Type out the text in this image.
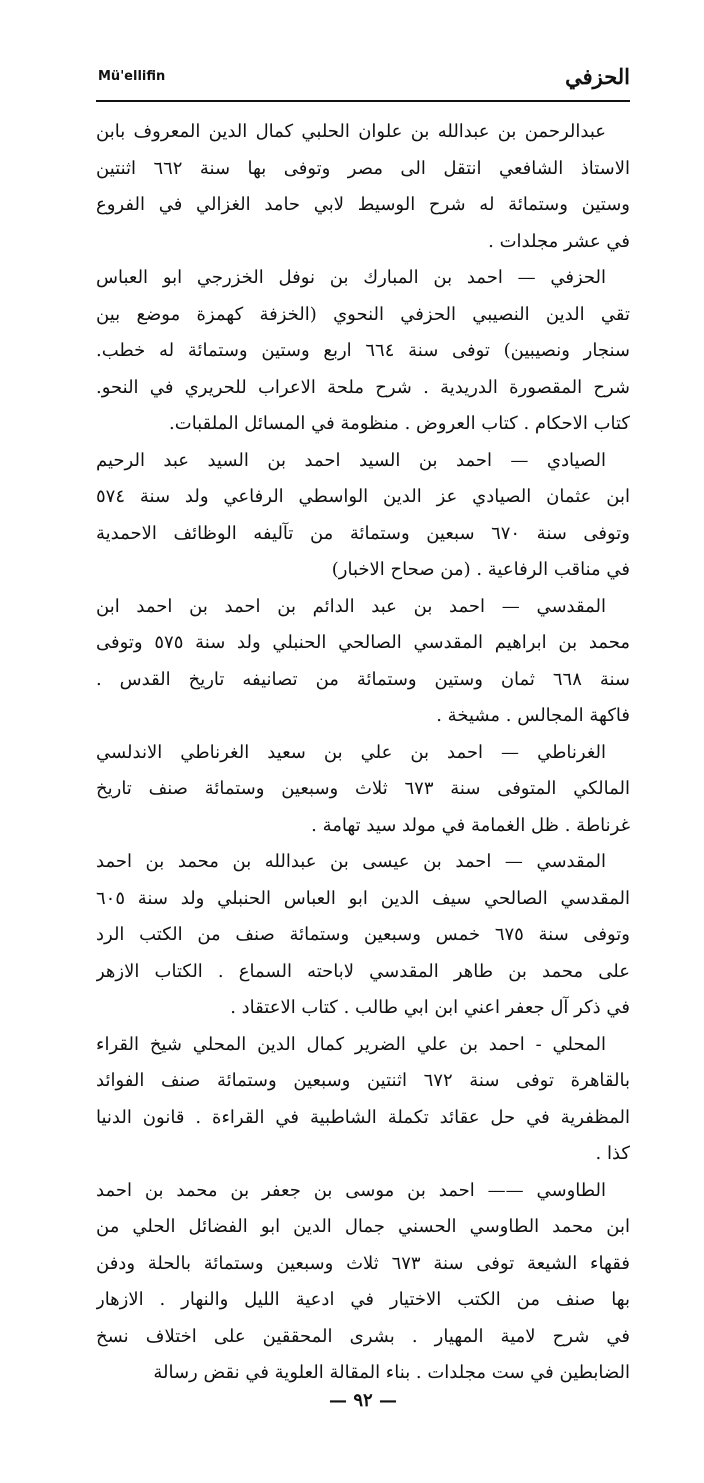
الحزفي
Mü'ellifin
عبدالرحمن بن عبدالله بن علوان الحلبي كمال الدين المعروف بابن
الاستاذ الشافعي انتقل الى مصر وتوفى بها سنة ٦٦٢ اثنتين
وستين وستمائة له شرح الوسيط لابي حامد الغزالي في الفروع
في عشر مجلدات .
الحزفي — احمد بن المبارك بن نوفل الخزرجي ابو العباس
تقي الدين النصيبي الحزفي النحوي (الخزفة كهمزة موضع بين
سنجار ونصيبين) توفى سنة ٦٦٤ اربع وستين وستمائة له خطب.
شرح المقصورة الدريدية . شرح ملحة الاعراب للحريري في النحو.
كتاب الاحكام . كتاب العروض . منظومة في المسائل الملقبات.
الصيادي — احمد بن السيد احمد بن السيد عبد الرحيم
ابن عثمان الصيادي عز الدين الواسطي الرفاعي ولد سنة ٥٧٤
وتوفى سنة ٦٧٠ سبعين وستمائة من تآليفه الوظائف الاحمدية
في مناقب الرفاعية . (من صحاح الاخبار)
المقدسي — احمد بن عبد الدائم بن احمد بن احمد ابن
محمد بن ابراهيم المقدسي الصالحي الحنبلي ولد سنة ٥٧٥ وتوفى
سنة ٦٦٨ ثمان وستين وستمائة من تصانيفه تاريخ القدس .
فاكهة المجالس . مشيخة .
الغرناطي — احمد بن علي بن سعيد الغرناطي الاندلسي
المالكي المتوفى سنة ٦٧٣ ثلاث وسبعين وستمائة صنف تاريخ
غرناطة . ظل الغمامة في مولد سيد تهامة .
المقدسي — احمد بن عيسى بن عبدالله بن محمد بن احمد
المقدسي الصالحي سيف الدين ابو العباس الحنبلي ولد سنة ٦٠٥
وتوفى سنة ٦٧٥ خمس وسبعين وستمائة صنف من الكتب الرد
على محمد بن طاهر المقدسي لاباحته السماع . الكتاب الازهر
في ذكر آل جعفر اعني ابن ابي طالب . كتاب الاعتقاد .
المحلي - احمد بن علي الضرير كمال الدين المحلي شيخ القراء
بالقاهرة توفى سنة ٦٧٢ اثنتين وسبعين وستمائة صنف الفوائد
المظفرية في حل عقائد تكملة الشاطبية في القراءة . قانون الدنيا
كذا .
الطاوسي —— احمد بن موسى بن جعفر بن محمد بن احمد
ابن محمد الطاوسي الحسني جمال الدين ابو الفضائل الحلي من
فقهاء الشيعة توفى سنة ٦٧٣ ثلاث وسبعين وستمائة بالحلة ودفن
بها صنف من الكتب الاختيار في ادعية الليل والنهار . الازهار
في شرح لامية المهيار . بشرى المحققين على اختلاف نسخ
الضابطين في ست مجلدات . بناء المقالة العلوية في نقض رسالة
— ٩٢ —
